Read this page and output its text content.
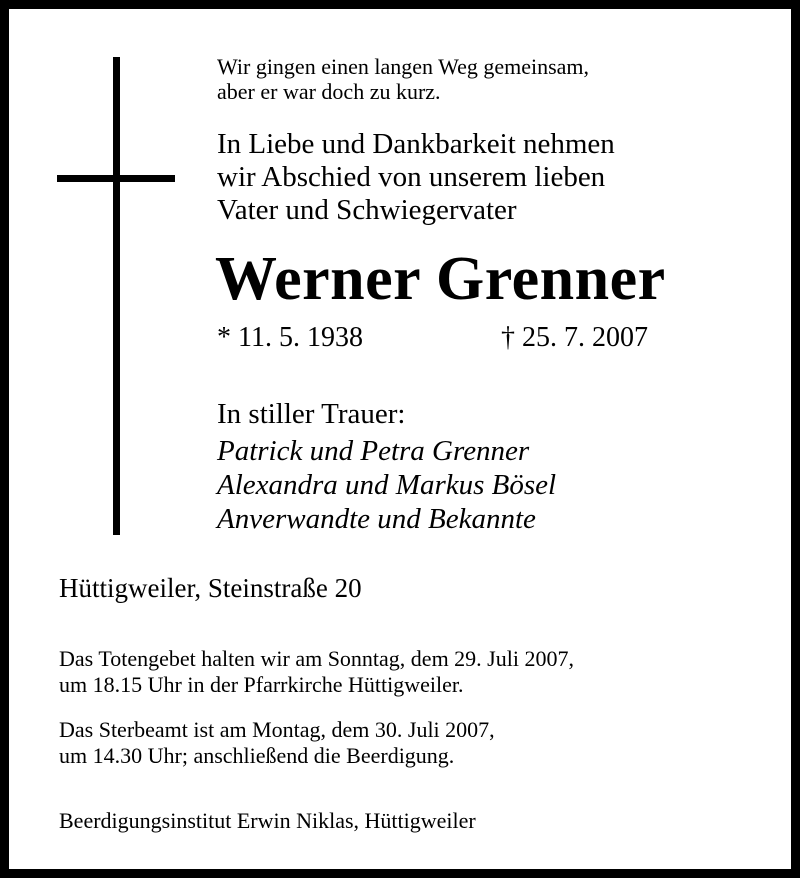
Wir gingen einen langen Weg gemeinsam,
aber er war doch zu kurz.
In Liebe und Dankbarkeit nehmen
wir Abschied von unserem lieben
Vater und Schwiegervater
Werner Grenner
* 11. 5. 1938	† 25. 7. 2007
In stiller Trauer:
Patrick und Petra Grenner
Alexandra und Markus Bösel
Anverwandte und Bekannte
Hüttigweiler, Steinstraße 20
Das Totengebet halten wir am Sonntag, dem 29. Juli 2007,
um 18.15 Uhr in der Pfarrkirche Hüttigweiler.
Das Sterbeamt ist am Montag, dem 30. Juli 2007,
um 14.30 Uhr; anschließend die Beerdigung.
Beerdigungsinstitut Erwin Niklas, Hüttigweiler
